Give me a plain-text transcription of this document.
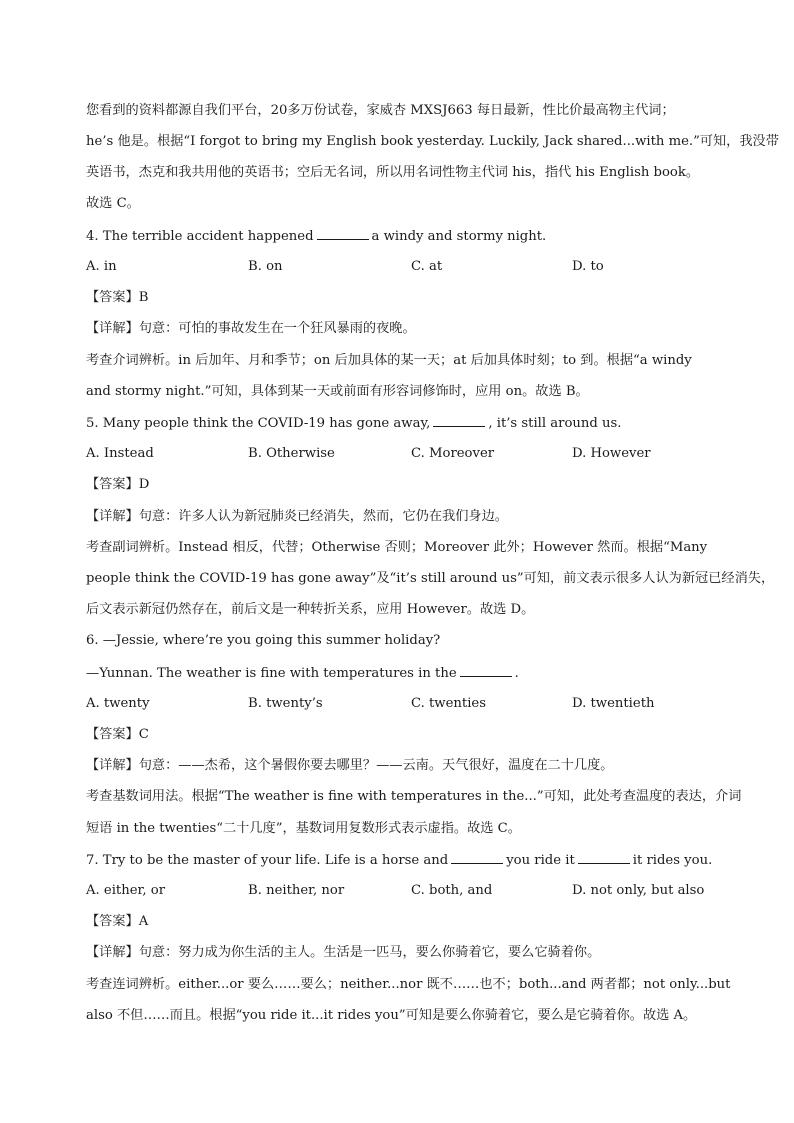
您看到的资料都源自我们平台，20多万份试卷，家威杏 MXSJ663 每日最新，性比价最高物主代词；
he’s 他是。根据“I forgot to bring my English book yesterday. Luckily, Jack shared...with me.”可知，我没带
英语书，杰克和我共用他的英语书；空后无名词，所以用名词性物主代词 his，指代 his English book。
故选 C。
4. The terrible accident happened	a windy and stormy night.
A. in	B. on	C. at	D. to
【答案】B
【详解】句意：可怕的事故发生在一个狂风暴雨的夜晚。
考查介词辨析。in 后加年、月和季节；on 后加具体的某一天；at 后加具体时刻；to 到。根据“a windy
and stormy night.”可知，具体到某一天或前面有形容词修饰时，应用 on。故选 B。
5. Many people think the COVID-19 has gone away,	, it’s still around us.
A. Instead	B. Otherwise	C. Moreover	D. However
【答案】D
【详解】句意：许多人认为新冠肺炎已经消失，然而，它仍在我们身边。
考查副词辨析。Instead 相反，代替；Otherwise 否则；Moreover 此外；However 然而。根据“Many
people think the COVID-19 has gone away”及“it’s still around us”可知，前文表示很多人认为新冠已经消失，
后文表示新冠仍然存在，前后文是一种转折关系，应用 However。故选 D。
6. —Jessie, where’re you going this summer holiday?
—Yunnan. The weather is fine with temperatures in the	.
A. twenty	B. twenty’s	C. twenties	D. twentieth
【答案】C
【详解】句意：——杰希，这个暑假你要去哪里？——云南。天气很好，温度在二十几度。
考查基数词用法。根据“The weather is fine with temperatures in the...”可知，此处考查温度的表达，介词
短语 in the twenties“二十几度”，基数词用复数形式表示虚指。故选 C。
7. Try to be the master of your life. Life is a horse and	you ride it	it rides you.
A. either, or	B. neither, nor	C. both, and	D. not only, but also
【答案】A
【详解】句意：努力成为你生活的主人。生活是一匹马，要么你骑着它，要么它骑着你。
考查连词辨析。either...or 要么……要么；neither...nor 既不……也不；both...and 两者都；not only...but
also 不但……而且。根据“you ride it...it rides you”可知是要么你骑着它，要么是它骑着你。故选 A。
